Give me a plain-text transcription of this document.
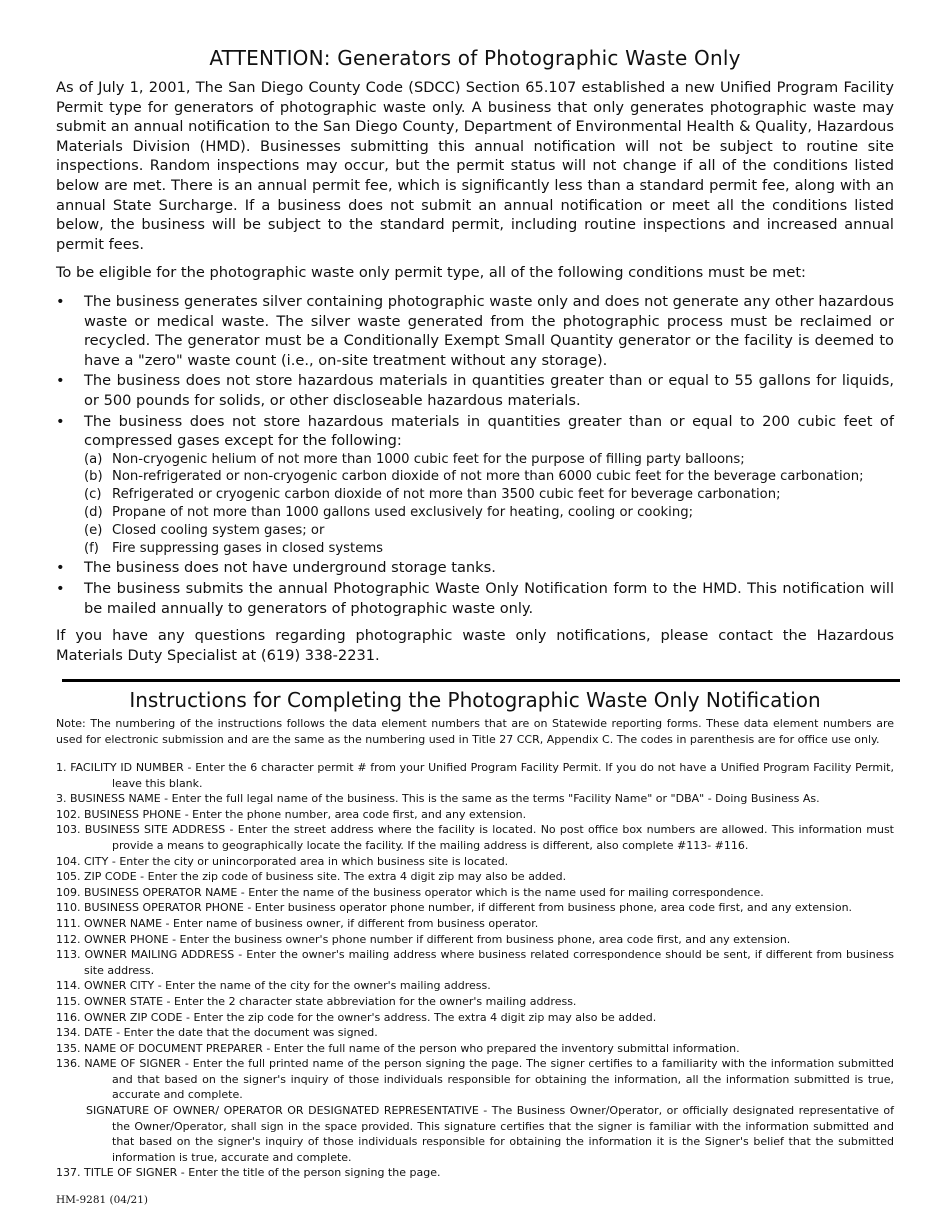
ATTENTION: Generators of Photographic Waste Only

As of July 1, 2001, The San Diego County Code (SDCC) Section 65.107 established a new Unified Program Facility Permit type for generators of photographic waste only. A business that only generates photographic waste may submit an annual notification to the San Diego County, Department of Environmental Health & Quality, Hazardous Materials Division (HMD). Businesses submitting this annual notification will not be subject to routine site inspections. Random inspections may occur, but the permit status will not change if all of the conditions listed below are met. There is an annual permit fee, which is significantly less than a standard permit fee, along with an annual State Surcharge. If a business does not submit an annual notification or meet all the conditions listed below, the business will be subject to the standard permit, including routine inspections and increased annual permit fees.

To be eligible for the photographic waste only permit type, all of the following conditions must be met:

• The business generates silver containing photographic waste only and does not generate any other hazardous waste or medical waste. The silver waste generated from the photographic process must be reclaimed or recycled. The generator must be a Conditionally Exempt Small Quantity generator or the facility is deemed to have a "zero" waste count (i.e., on-site treatment without any storage).
• The business does not store hazardous materials in quantities greater than or equal to 55 gallons for liquids, or 500 pounds for solids, or other discloseable hazardous materials.
• The business does not store hazardous materials in quantities greater than or equal to 200 cubic feet of compressed gases except for the following:
(a) Non-cryogenic helium of not more than 1000 cubic feet for the purpose of filling party balloons;
(b) Non-refrigerated or non-cryogenic carbon dioxide of not more than 6000 cubic feet for the beverage carbonation;
(c) Refrigerated or cryogenic carbon dioxide of not more than 3500 cubic feet for beverage carbonation;
(d) Propane of not more than 1000 gallons used exclusively for heating, cooling or cooking;
(e) Closed cooling system gases; or
(f) Fire suppressing gases in closed systems
• The business does not have underground storage tanks.
• The business submits the annual Photographic Waste Only Notification form to the HMD. This notification will be mailed annually to generators of photographic waste only.

If you have any questions regarding photographic waste only notifications, please contact the Hazardous Materials Duty Specialist at (619) 338-2231.

Instructions for Completing the Photographic Waste Only Notification

Note: The numbering of the instructions follows the data element numbers that are on Statewide reporting forms. These data element numbers are used for electronic submission and are the same as the numbering used in Title 27 CCR, Appendix C. The codes in parenthesis are for office use only.

1. FACILITY ID NUMBER - Enter the 6 character permit # from your Unified Program Facility Permit. If you do not have a Unified Program Facility Permit, leave this blank.
3. BUSINESS NAME - Enter the full legal name of the business. This is the same as the terms "Facility Name" or "DBA" - Doing Business As.
102. BUSINESS PHONE - Enter the phone number, area code first, and any extension.
103. BUSINESS SITE ADDRESS - Enter the street address where the facility is located. No post office box numbers are allowed. This information must provide a means to geographically locate the facility. If the mailing address is different, also complete #113- #116.
104. CITY - Enter the city or unincorporated area in which business site is located.
105. ZIP CODE - Enter the zip code of business site. The extra 4 digit zip may also be added.
109. BUSINESS OPERATOR NAME - Enter the name of the business operator which is the name used for mailing correspondence.
110. BUSINESS OPERATOR PHONE - Enter business operator phone number, if different from business phone, area code first, and any extension.
111. OWNER NAME - Enter name of business owner, if different from business operator.
112. OWNER PHONE - Enter the business owner's phone number if different from business phone, area code first, and any extension.
113. OWNER MAILING ADDRESS - Enter the owner's mailing address where business related correspondence should be sent, if different from business site address.
114. OWNER CITY - Enter the name of the city for the owner's mailing address.
115. OWNER STATE - Enter the 2 character state abbreviation for the owner's mailing address.
116. OWNER ZIP CODE - Enter the zip code for the owner's address. The extra 4 digit zip may also be added.
134. DATE - Enter the date that the document was signed.
135. NAME OF DOCUMENT PREPARER - Enter the full name of the person who prepared the inventory submittal information.
136. NAME OF SIGNER - Enter the full printed name of the person signing the page. The signer certifies to a familiarity with the information submitted and that based on the signer's inquiry of those individuals responsible for obtaining the information, all the information submitted is true, accurate and complete.
SIGNATURE OF OWNER/ OPERATOR OR DESIGNATED REPRESENTATIVE - The Business Owner/Operator, or officially designated representative of the Owner/Operator, shall sign in the space provided. This signature certifies that the signer is familiar with the information submitted and that based on the signer's inquiry of those individuals responsible for obtaining the information it is the Signer's belief that the submitted information is true, accurate and complete.
137. TITLE OF SIGNER - Enter the title of the person signing the page.
HM-9281 (04/21)
